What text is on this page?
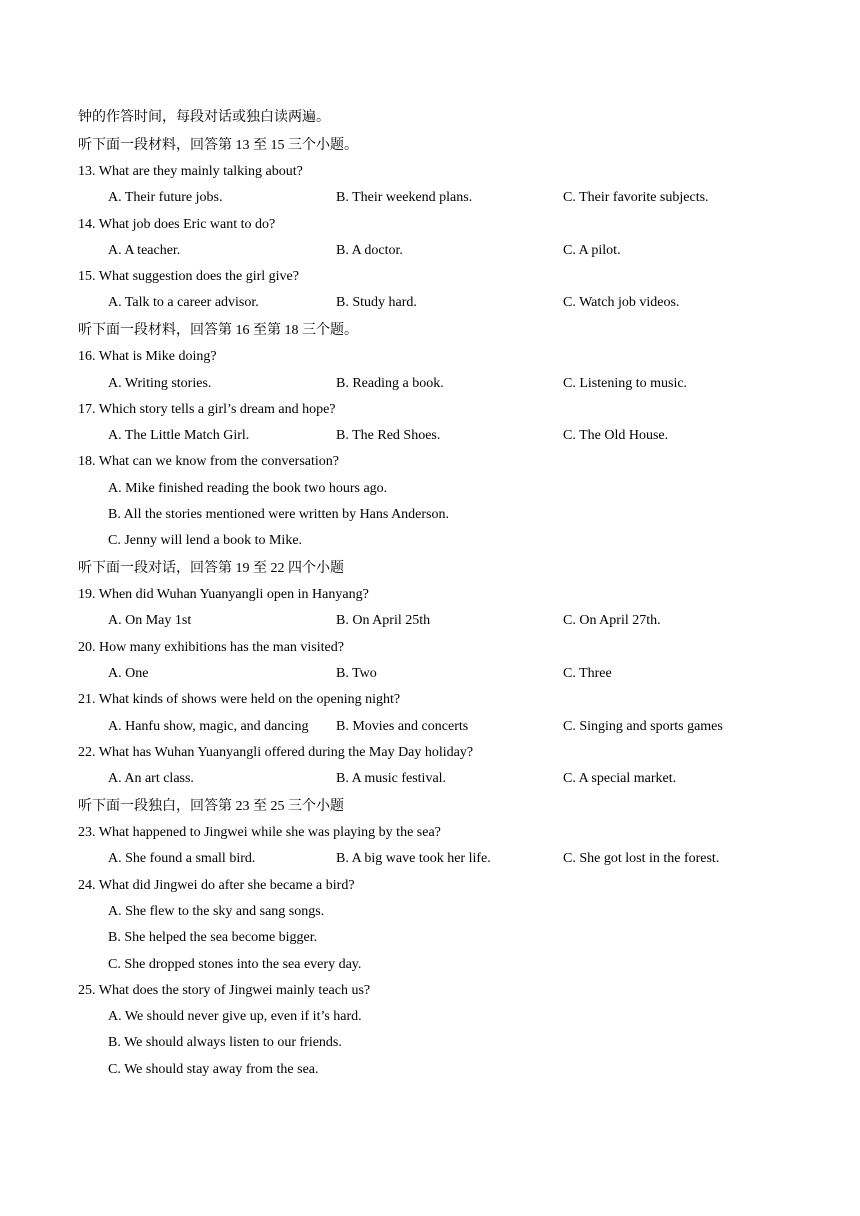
钟的作答时间，每段对话或独白读两遍。
听下面一段材料，回答第 13 至 15 三个小题。
13. What are they mainly talking about?
A. Their future jobs.	B. Their weekend plans.	C. Their favorite subjects.
14. What job does Eric want to do?
A. A teacher.	B. A doctor.	C. A pilot.
15. What suggestion does the girl give?
A. Talk to a career advisor.	B. Study hard.	C. Watch job videos.
听下面一段材料，回答第 16 至第 18 三个题。
16. What is Mike doing?
A. Writing stories.	B. Reading a book.	C. Listening to music.
17. Which story tells a girl’s dream and hope?
A. The Little Match Girl.	B. The Red Shoes.	C. The Old House.
18. What can we know from the conversation?
A. Mike finished reading the book two hours ago.
B. All the stories mentioned were written by Hans Anderson.
C. Jenny will lend a book to Mike.
听下面一段对话，回答第 19 至 22 四个小题
19. When did Wuhan Yuanyangli open in Hanyang?
A. On May 1st	B. On April 25th	C. On April 27th.
20. How many exhibitions has the man visited?
A. One	B. Two	C. Three
21. What kinds of shows were held on the opening night?
A. Hanfu show, magic, and dancing B. Movies and concerts	C. Singing and sports games
22. What has Wuhan Yuanyangli offered during the May Day holiday?
A. An art class.	B. A music festival.	C. A special market.
听下面一段独白，回答第 23 至 25 三个小题
23. What happened to Jingwei while she was playing by the sea?
A. She found a small bird.	B. A big wave took her life.	C. She got lost in the forest.
24. What did Jingwei do after she became a bird?
A. She flew to the sky and sang songs.
B. She helped the sea become bigger.
C. She dropped stones into the sea every day.
25. What does the story of Jingwei mainly teach us?
A. We should never give up, even if it’s hard.
B. We should always listen to our friends.
C. We should stay away from the sea.
